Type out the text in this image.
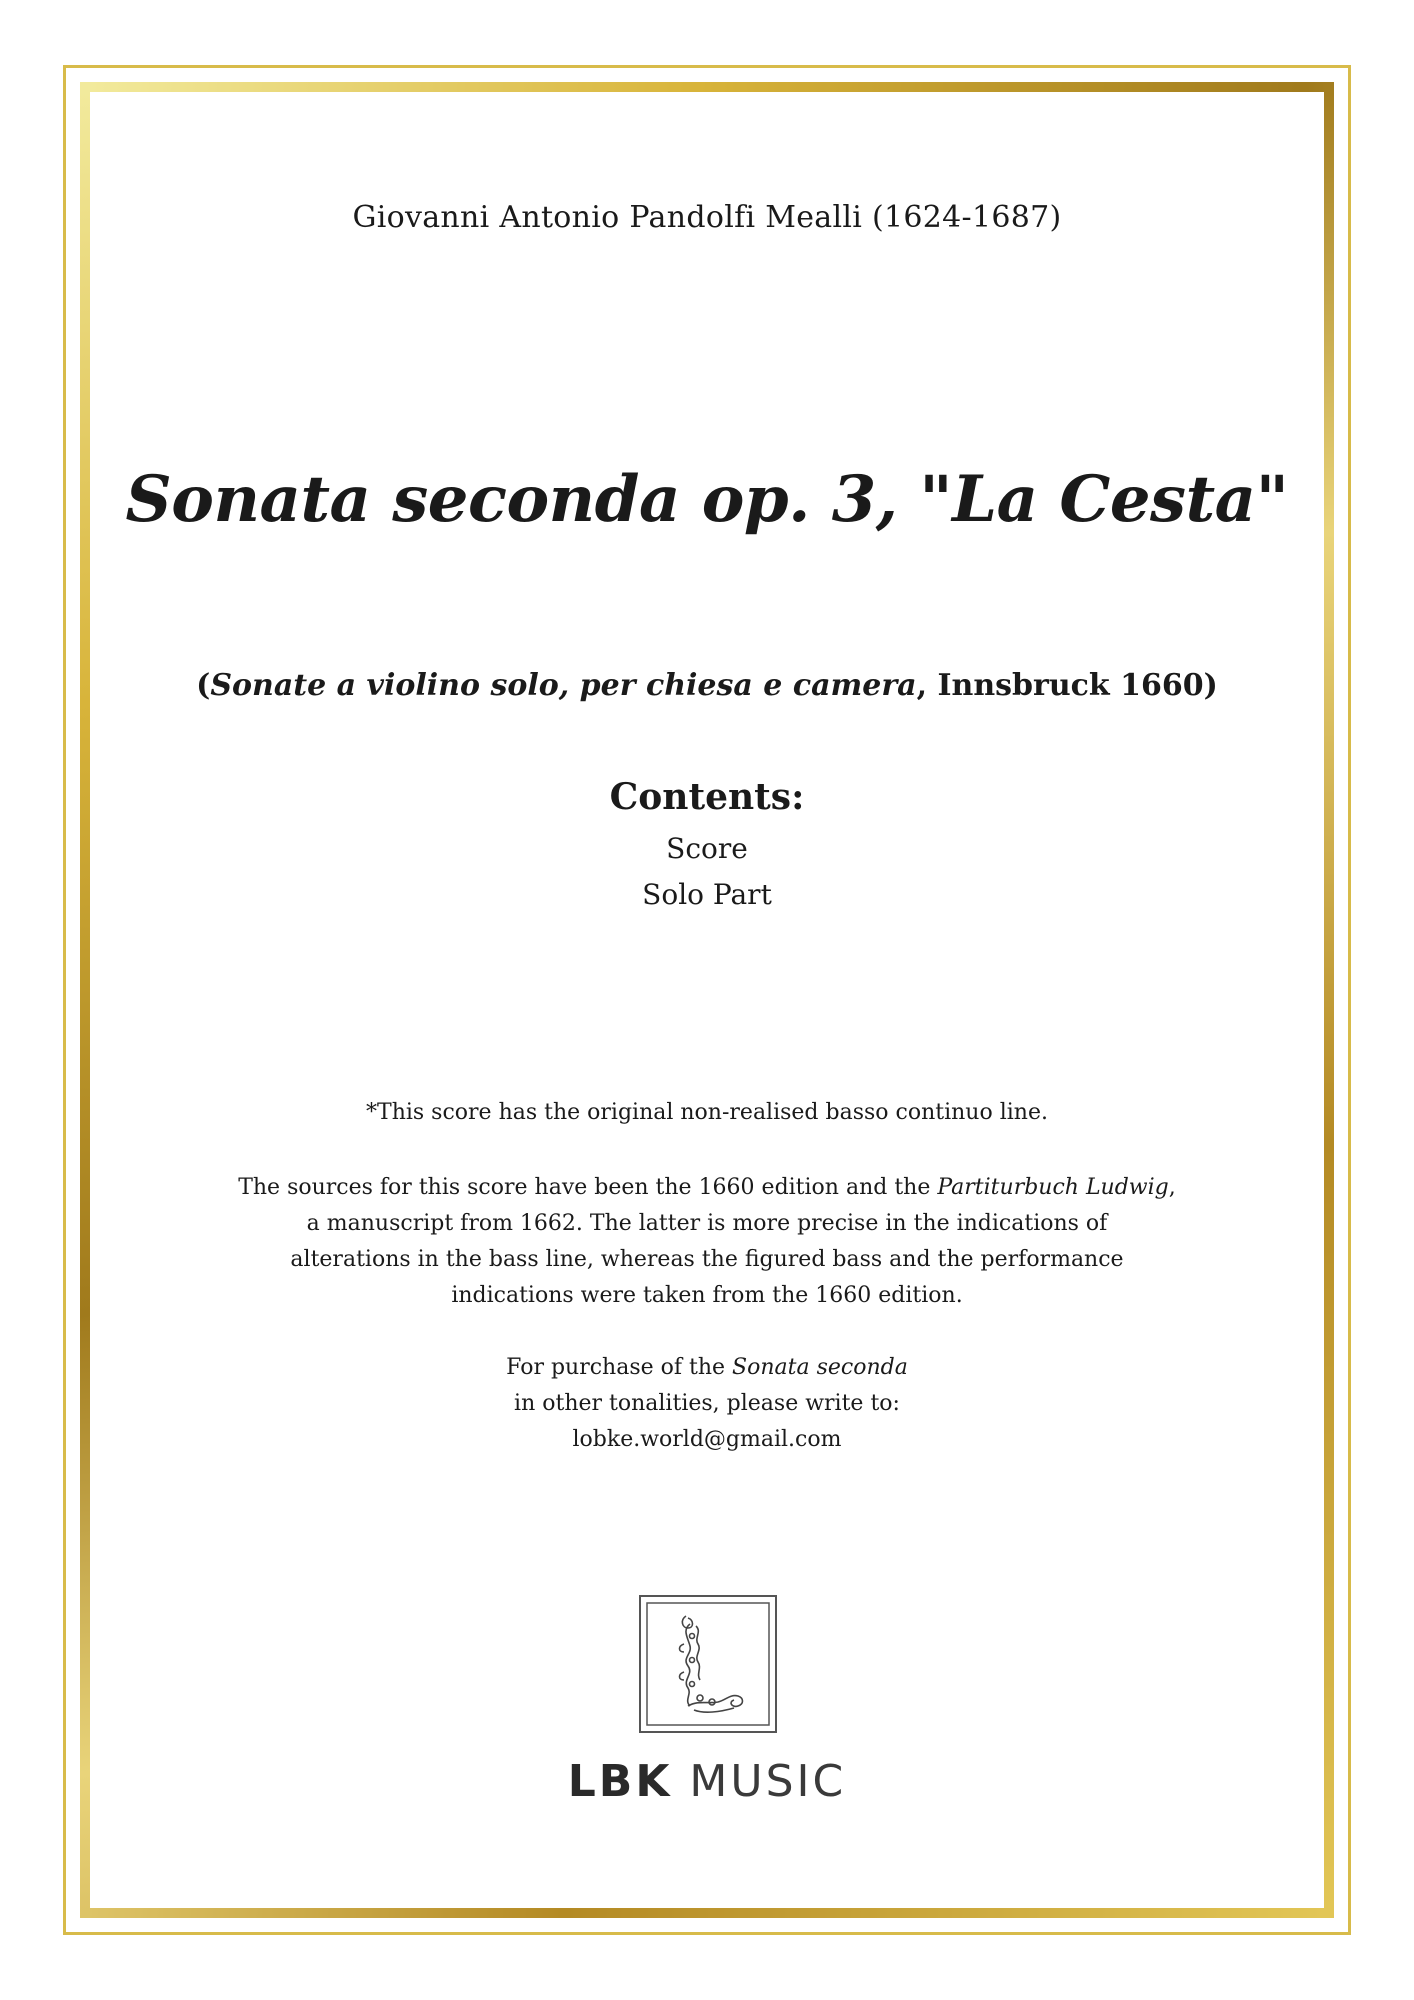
Giovanni Antonio Pandolfi Mealli (1624-1687)
Sonata seconda op. 3, "La Cesta"
(Sonate a violino solo, per chiesa e camera, Innsbruck 1660)
Contents:
Score
Solo Part
*This score has the original non-realised basso continuo line.
The sources for this score have been the 1660 edition and the Partiturbuch Ludwig,
a manuscript from 1662. The latter is more precise in the indications of
alterations in the bass line, whereas the figured bass and the performance
indications were taken from the 1660 edition.
For purchase of the Sonata seconda
in other tonalities, please write to:
lobke.world@gmail.com
LBK MUSIC
